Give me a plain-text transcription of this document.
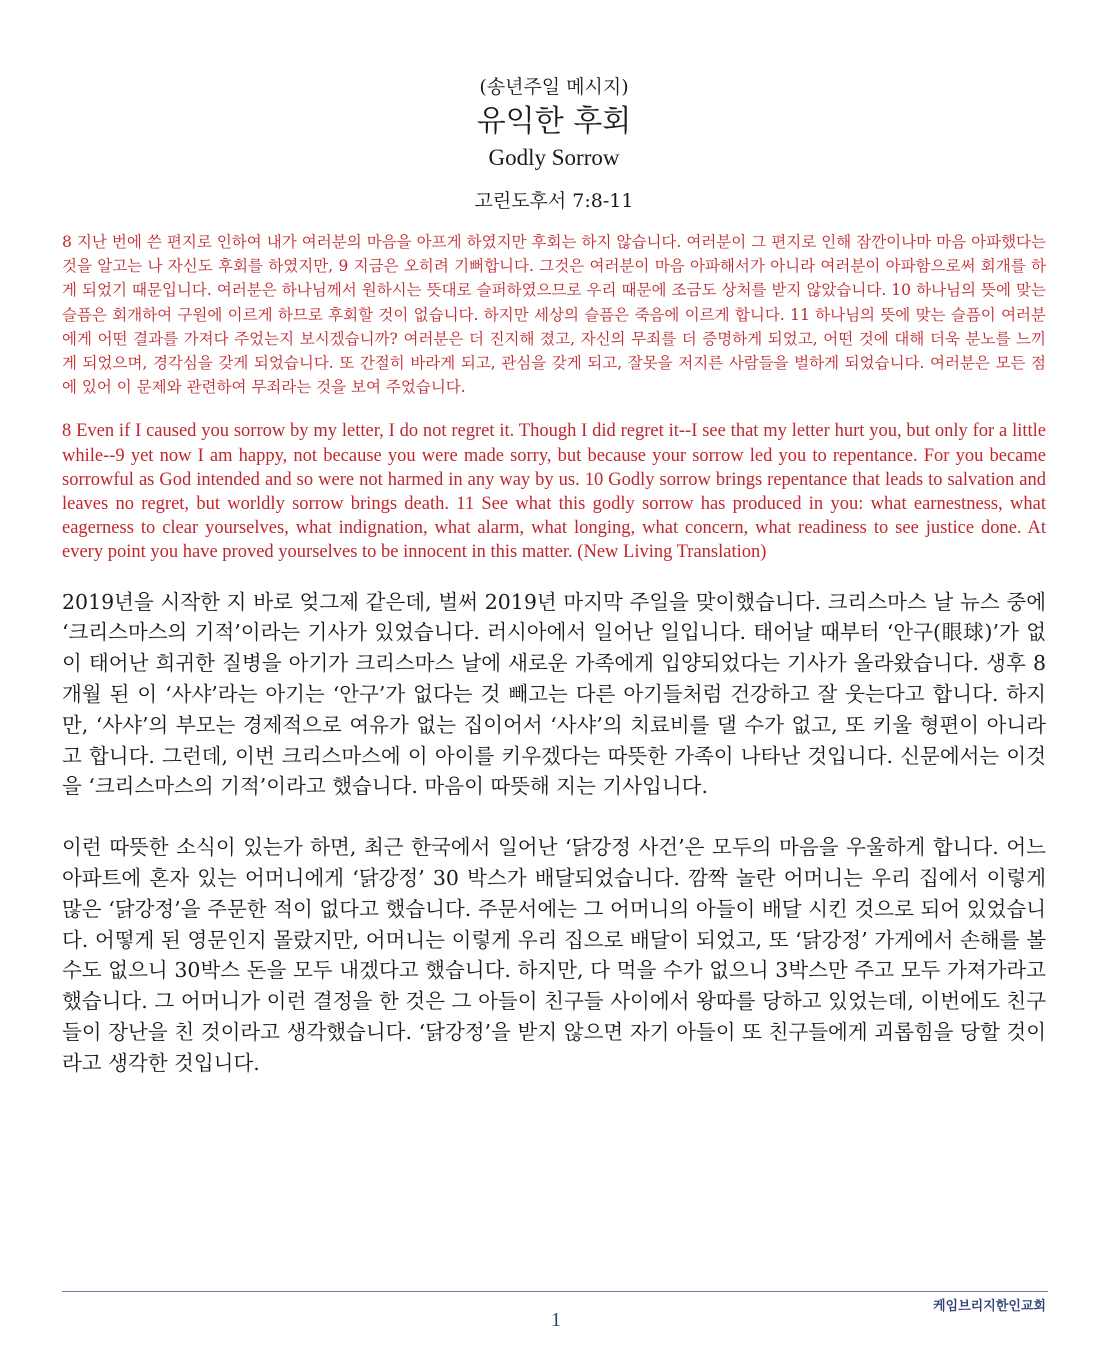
(송년주일 메시지)
유익한 후회
Godly Sorrow
고린도후서 7:8-11
8 지난 번에 쓴 편지로 인하여 내가 여러분의 마음을 아프게 하였지만 후회는 하지 않습니다. 여러분이 그 편지로 인해 잠깐이나마 마음 아파했다는 것을 알고는 나 자신도 후회를 하였지만, 9 지금은 오히려 기뻐합니다. 그것은 여러분이 마음 아파해서가 아니라 여러분이 아파함으로써 회개를 하게 되었기 때문입니다. 여러분은 하나님께서 원하시는 뜻대로 슬퍼하였으므로 우리 때문에 조금도 상처를 받지 않았습니다. 10 하나님의 뜻에 맞는 슬픔은 회개하여 구원에 이르게 하므로 후회할 것이 없습니다. 하지만 세상의 슬픔은 죽음에 이르게 합니다. 11 하나님의 뜻에 맞는 슬픔이 여러분에게 어떤 결과를 가져다 주었는지 보시겠습니까? 여러분은 더 진지해 졌고, 자신의 무죄를 더 증명하게 되었고, 어떤 것에 대해 더욱 분노를 느끼게 되었으며, 경각심을 갖게 되었습니다. 또 간절히 바라게 되고, 관심을 갖게 되고, 잘못을 저지른 사람들을 벌하게 되었습니다. 여러분은 모든 점에 있어 이 문제와 관련하여 무죄라는 것을 보여 주었습니다.
8 Even if I caused you sorrow by my letter, I do not regret it. Though I did regret it--I see that my letter hurt you, but only for a little while--9 yet now I am happy, not because you were made sorry, but because your sorrow led you to repentance. For you became sorrowful as God intended and so were not harmed in any way by us. 10 Godly sorrow brings repentance that leads to salvation and leaves no regret, but worldly sorrow brings death. 11 See what this godly sorrow has produced in you: what earnestness, what eagerness to clear yourselves, what indignation, what alarm, what longing, what concern, what readiness to see justice done. At every point you have proved yourselves to be innocent in this matter. (New Living Translation)
2019년을 시작한 지 바로 엊그제 같은데, 벌써 2019년 마지막 주일을 맞이했습니다. 크리스마스 날 뉴스 중에 ‘크리스마스의 기적’이라는 기사가 있었습니다. 러시아에서 일어난 일입니다. 태어날 때부터 ‘안구(眼球)’가 없이 태어난 희귀한 질병을 아기가 크리스마스 날에 새로운 가족에게 입양되었다는 기사가 올라왔습니다. 생후 8개월 된 이 ‘사샤’라는 아기는 ‘안구’가 없다는 것 빼고는 다른 아기들처럼 건강하고 잘 웃는다고 합니다. 하지만, ‘사샤’의 부모는 경제적으로 여유가 없는 집이어서 ‘사샤’의 치료비를 댈 수가 없고, 또 키울 형편이 아니라고 합니다. 그런데, 이번 크리스마스에 이 아이를 키우겠다는 따뜻한 가족이 나타난 것입니다. 신문에서는 이것을 ‘크리스마스의 기적’이라고 했습니다. 마음이 따뜻해 지는 기사입니다.
이런 따뜻한 소식이 있는가 하면, 최근 한국에서 일어난 ‘닭강정 사건’은 모두의 마음을 우울하게 합니다. 어느 아파트에 혼자 있는 어머니에게 ‘닭강정’ 30 박스가 배달되었습니다. 깜짝 놀란 어머니는 우리 집에서 이렇게 많은 ‘닭강정’을 주문한 적이 없다고 했습니다. 주문서에는 그 어머니의 아들이 배달 시킨 것으로 되어 있었습니다. 어떻게 된 영문인지 몰랐지만, 어머니는 이렇게 우리 집으로 배달이 되었고, 또 ‘닭강정’ 가게에서 손해를 볼 수도 없으니 30박스 돈을 모두 내겠다고 했습니다. 하지만, 다 먹을 수가 없으니 3박스만 주고 모두 가져가라고 했습니다. 그 어머니가 이런 결정을 한 것은 그 아들이 친구들 사이에서 왕따를 당하고 있었는데, 이번에도 친구들이 장난을 친 것이라고 생각했습니다. ‘닭강정’을 받지 않으면 자기 아들이 또 친구들에게 괴롭힘을 당할 것이라고 생각한 것입니다.
케임브리지한인교회
1
